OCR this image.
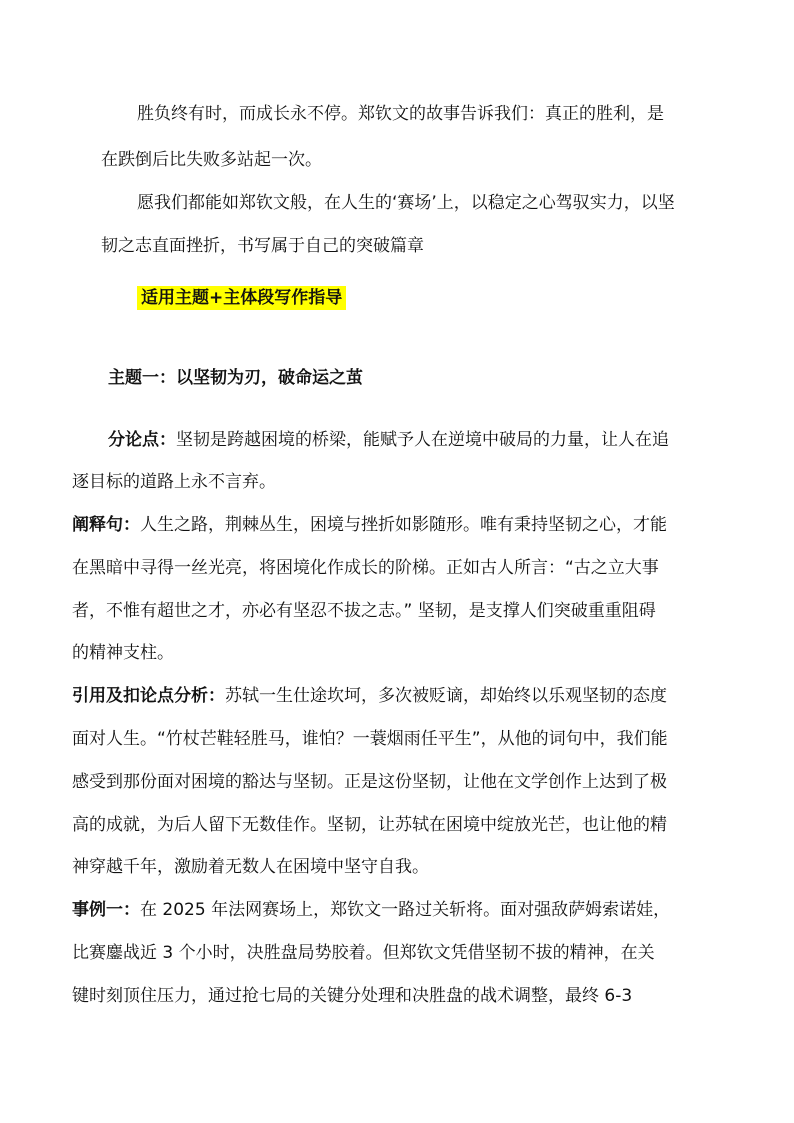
胜负终有时，而成长永不停。郑钦文的故事告诉我们：真正的胜利，是
在跌倒后比失败多站起一次。
愿我们都能如郑钦文般，在人生的‘赛场’上，以稳定之心驾驭实力，以坚
韧之志直面挫折，书写属于自己的突破篇章
适用主题+主体段写作指导
主题一：以坚韧为刃，破命运之茧
分论点：坚韧是跨越困境的桥梁，能赋予人在逆境中破局的力量，让人在追
逐目标的道路上永不言弃。
阐释句：人生之路，荆棘丛生，困境与挫折如影随形。唯有秉持坚韧之心，才能
在黑暗中寻得一丝光亮，将困境化作成长的阶梯。正如古人所言：“古之立大事
者，不惟有超世之才，亦必有坚忍不拔之志。” 坚韧，是支撑人们突破重重阻碍
的精神支柱。
引用及扣论点分析：苏轼一生仕途坎坷，多次被贬谪，却始终以乐观坚韧的态度
面对人生。“竹杖芒鞋轻胜马，谁怕？一蓑烟雨任平生”，从他的词句中，我们能
感受到那份面对困境的豁达与坚韧。正是这份坚韧，让他在文学创作上达到了极
高的成就，为后人留下无数佳作。坚韧，让苏轼在困境中绽放光芒，也让他的精
神穿越千年，激励着无数人在困境中坚守自我。
事例一：在 2025 年法网赛场上，郑钦文一路过关斩将。面对强敌萨姆索诺娃，
比赛鏖战近 3 个小时，决胜盘局势胶着。但郑钦文凭借坚韧不拔的精神，在关
键时刻顶住压力，通过抢七局的关键分处理和决胜盘的战术调整，最终 6-3
